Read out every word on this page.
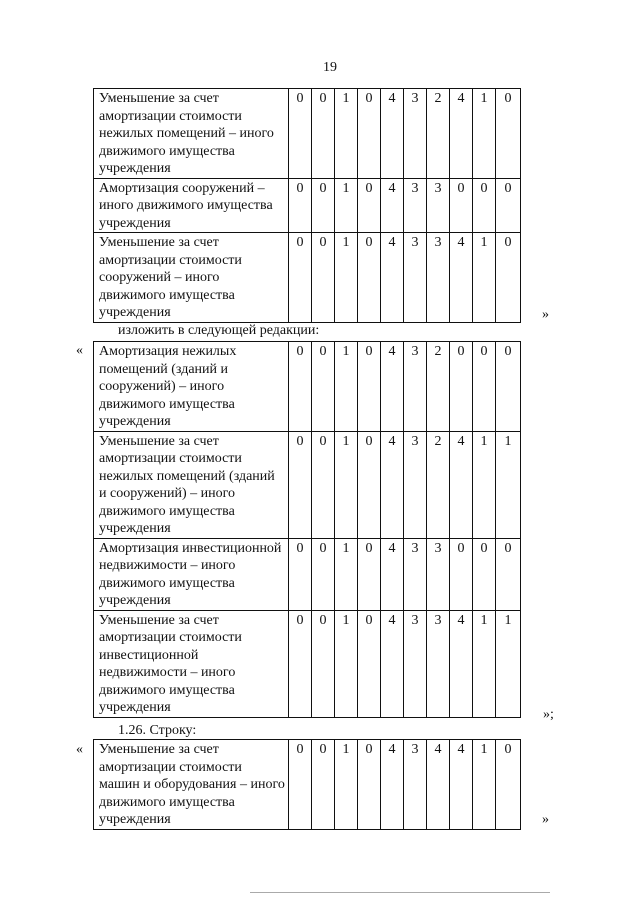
19
Уменьшение за счет амортизации стоимости нежилых помещений – иного движимого имущества учреждения	0	0	1	0	4	3	2	4	1	0
Амортизация сооружений – иного движимого имущества учреждения	0	0	1	0	4	3	3	0	0	0
Уменьшение за счет амортизации стоимости сооружений – иного движимого имущества учреждения	0	0	1	0	4	3	3	4	1	0
»
изложить в следующей редакции:
« Амортизация нежилых помещений (зданий и сооружений) – иного движимого имущества учреждения	0	0	1	0	4	3	2	0	0	0
Уменьшение за счет амортизации стоимости нежилых помещений (зданий и сооружений) – иного движимого имущества учреждения	0	0	1	0	4	3	2	4	1	1
Амортизация инвестиционной недвижимости – иного движимого имущества учреждения	0	0	1	0	4	3	3	0	0	0
Уменьшение за счет амортизации стоимости инвестиционной недвижимости – иного движимого имущества учреждения	0	0	1	0	4	3	3	4	1	1
»;
1.26. Строку:
« Уменьшение за счет амортизации стоимости машин и оборудования – иного движимого имущества учреждения	0	0	1	0	4	3	4	4	1	0
»
